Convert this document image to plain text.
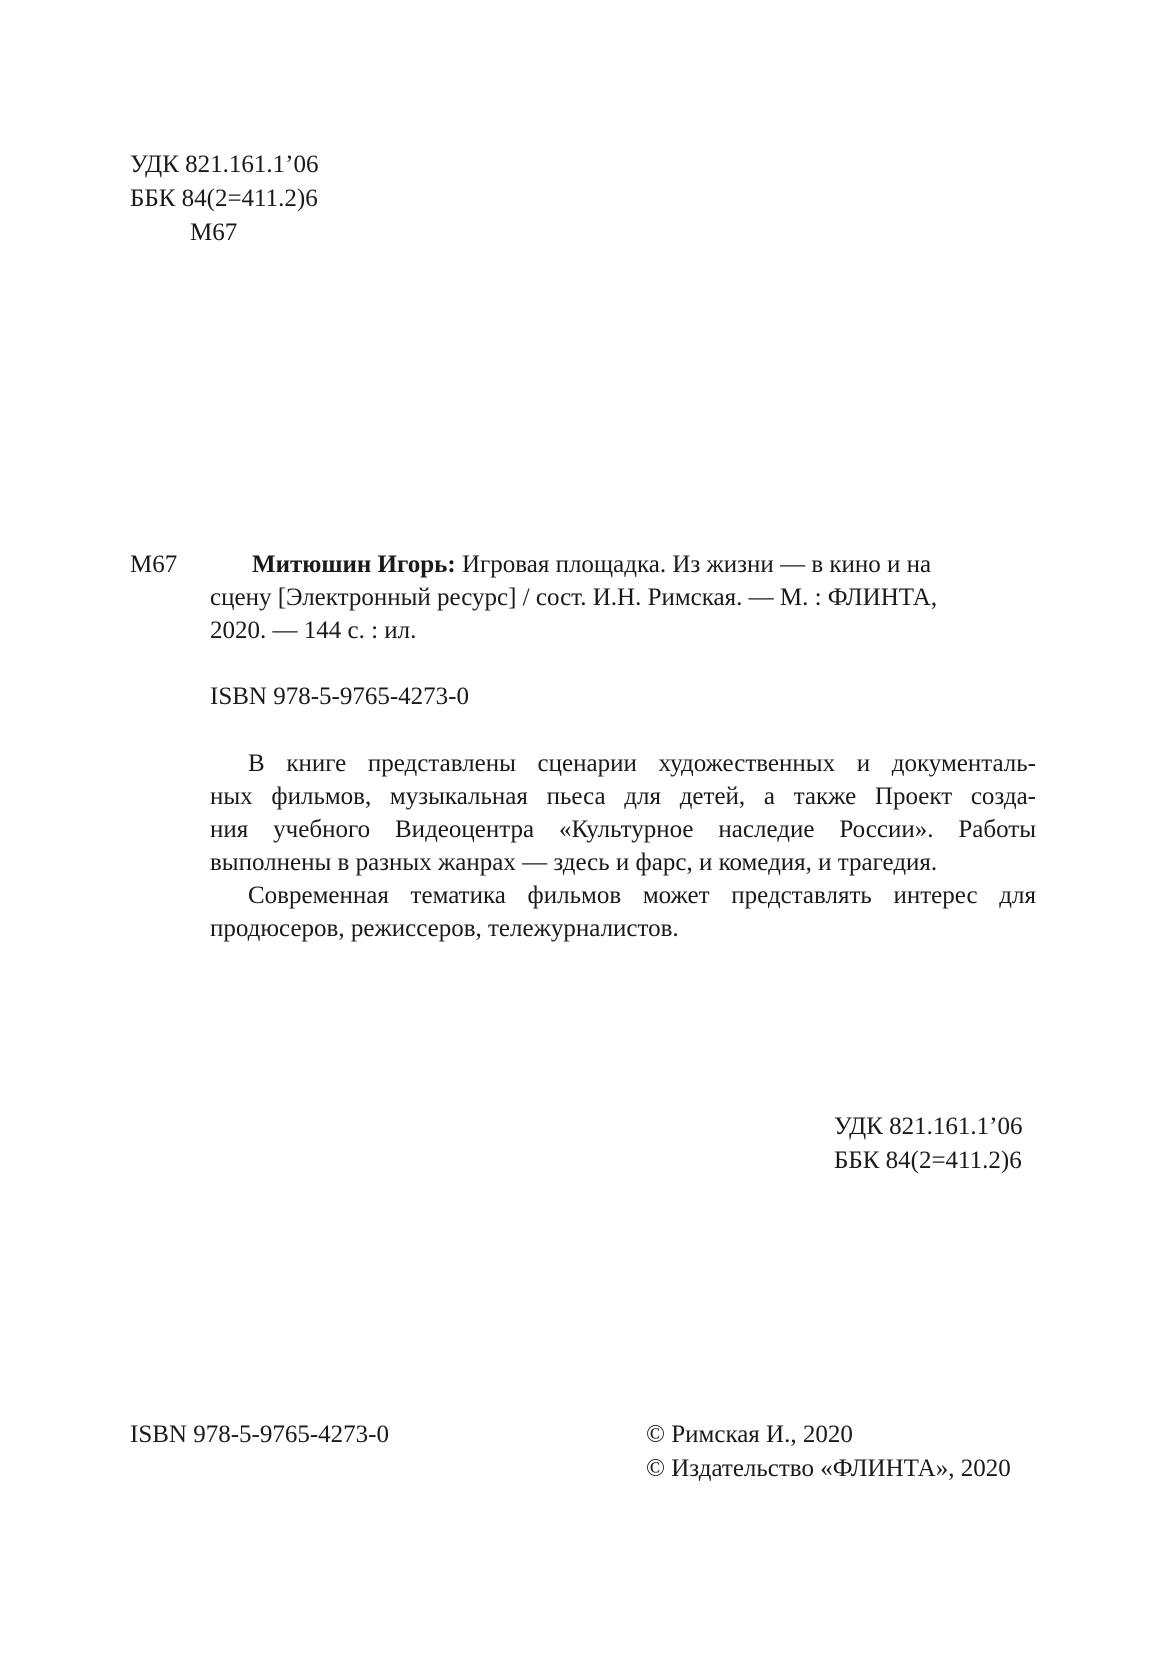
УДК 821.161.1’06
ББК 84(2=411.2)6
М67
М67	Митюшин Игорь: Игровая площадка. Из жизни — в кино и на
сцену [Электронный ресурс] / сост. И.Н. Римская. — М. : ФЛИНТА,
2020. — 144 с. : ил.
ISBN 978-5-9765-4273-0
В книге представлены сценарии художественных и документаль-
ных фильмов, музыкальная пьеса для детей, а также Проект созда-
ния учебного Видеоцентра «Культурное наследие России». Работы
выполнены в разных жанрах — здесь и фарс, и комедия, и трагедия.
Современная тематика фильмов может представлять интерес для
продюсеров, режиссеров, тележурналистов.
УДК 821.161.1’06
ББК 84(2=411.2)6
ISBN 978-5-9765-4273-0	© Римская И., 2020
© Издательство «ФЛИНТА», 2020
